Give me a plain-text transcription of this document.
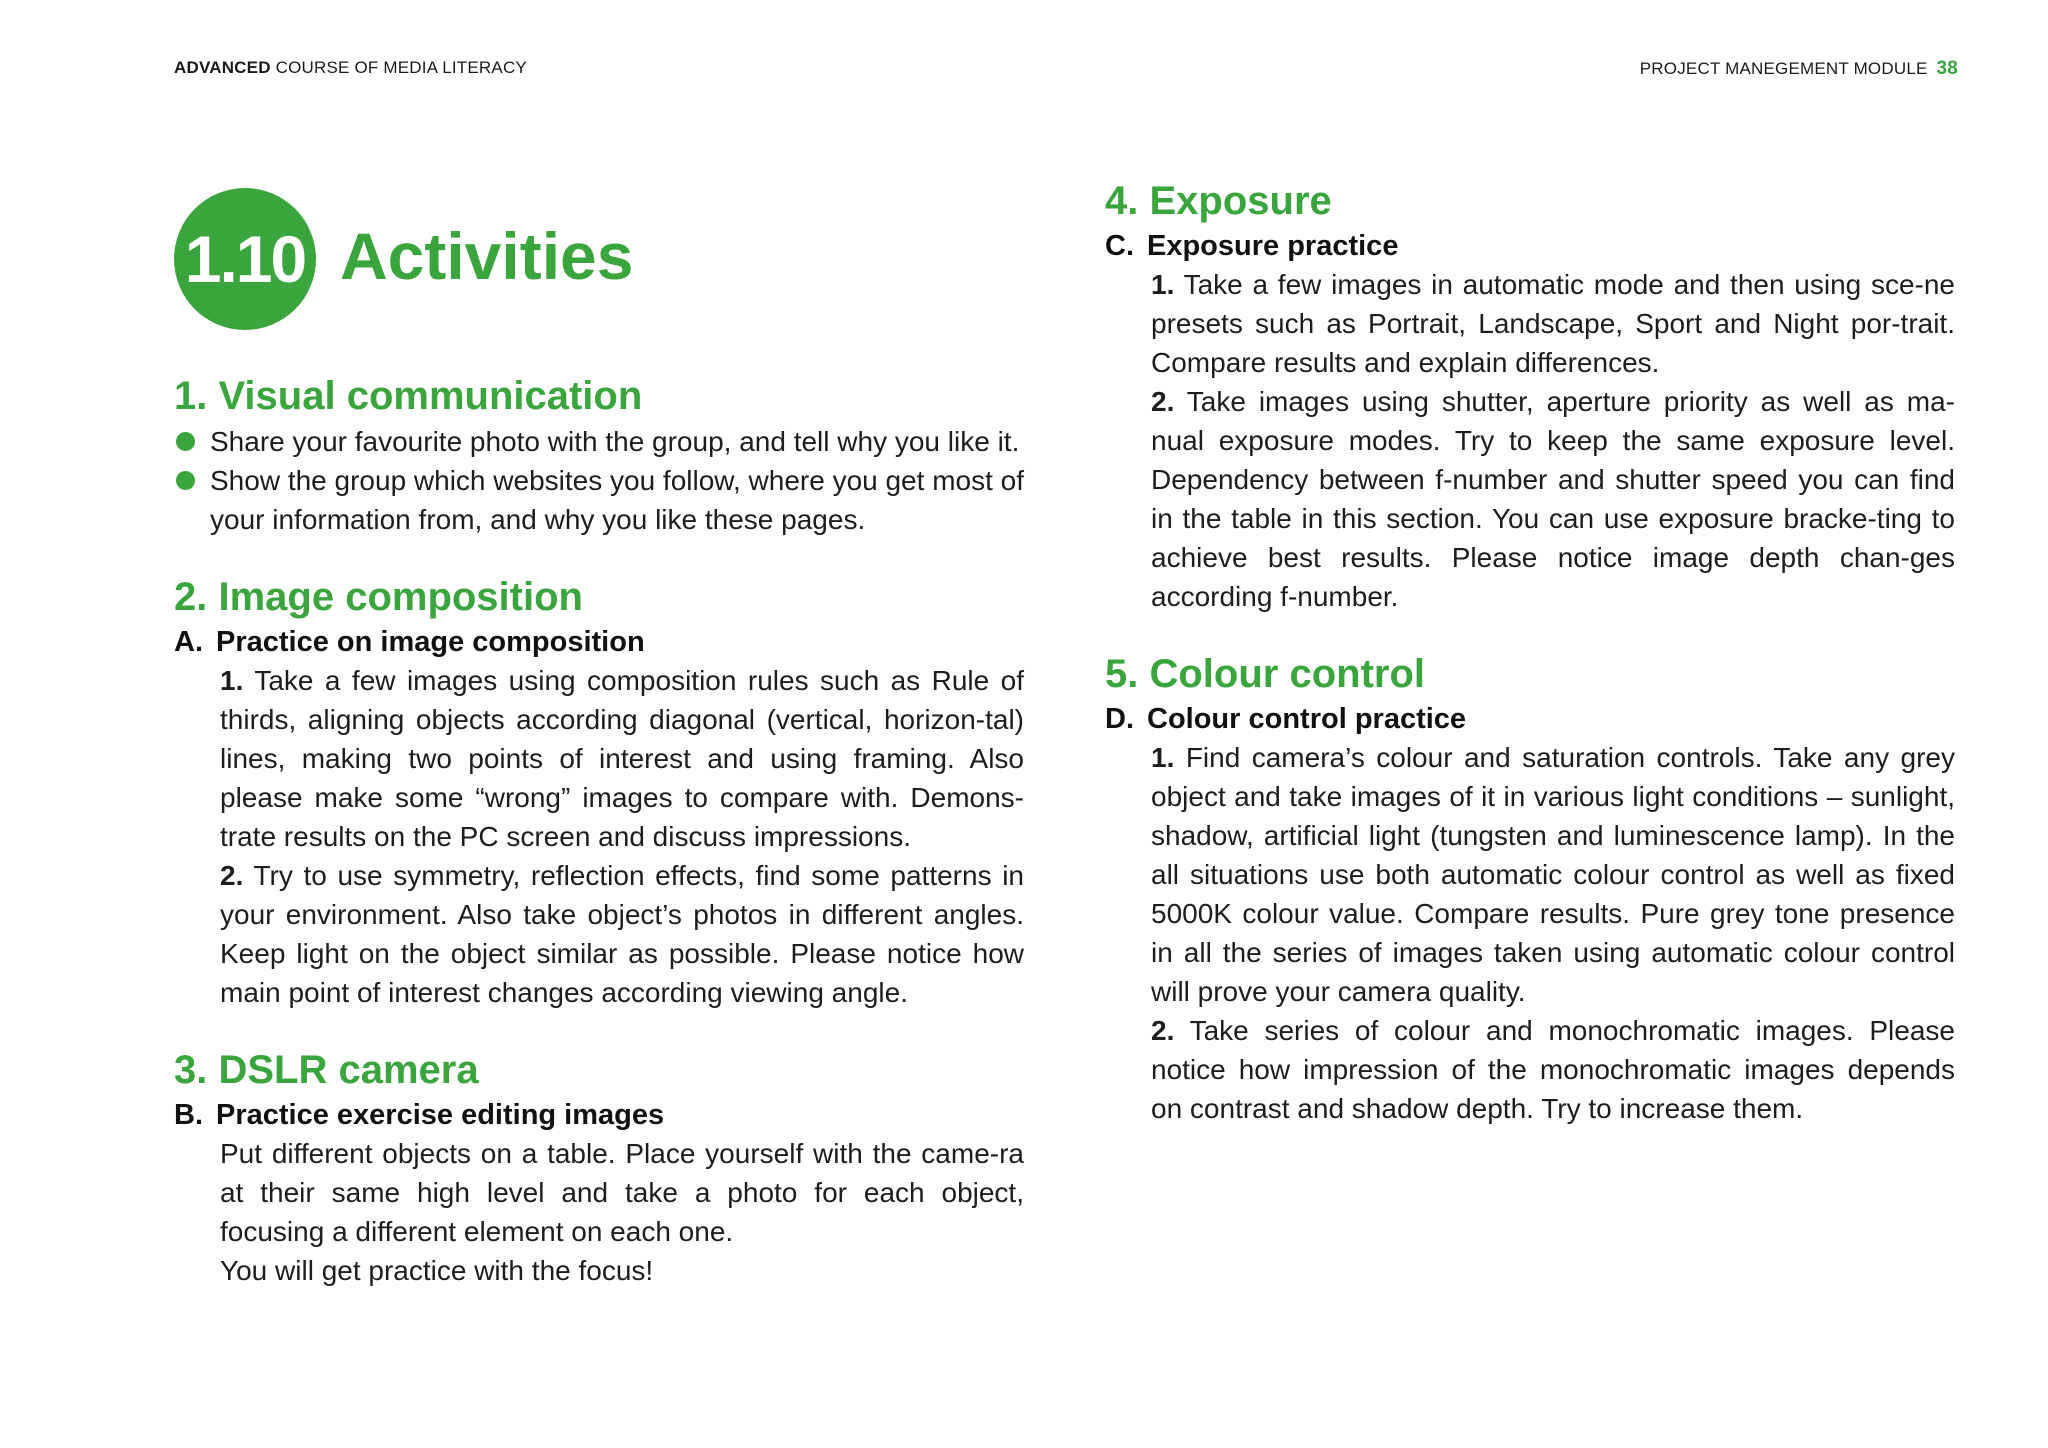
ADVANCED COURSE OF MEDIA LITERACY	PROJECT MANEGEMENT MODULE 38
1.10 Activities
1. Visual communication
Share your favourite photo with the group, and tell why you like it.
Show the group which websites you follow, where you get most of your information from, and why you like these pages.
2. Image composition

A. Practice on image composition

1. Take a few images using composition rules such as Rule of thirds, aligning objects according diagonal (vertical, horizon-tal) lines, making two points of interest and using framing. Also please make some “wrong” images to compare with. Demons-trate results on the PC screen and discuss impressions.

2. Try to use symmetry, reflection effects, find some patterns in your environment. Also take object’s photos in different angles. Keep light on the object similar as possible. Please notice how main point of interest changes according viewing angle.

3. DSLR camera

B. Practice exercise editing images

Put different objects on a table. Place yourself with the came-ra at their same high level and take a photo for each object, focusing a different element on each one.

You will get practice with the focus!

4. Exposure

C. Exposure practice

1. Take a few images in automatic mode and then using sce-ne presets such as Portrait, Landscape, Sport and Night por-trait. Compare results and explain differences.

2. Take images using shutter, aperture priority as well as ma-nual exposure modes. Try to keep the same exposure level. Dependency between f-number and shutter speed you can find in the table in this section. You can use exposure bracke-ting to achieve best results. Please notice image depth chan-ges according f-number.

5. Colour control

D. Colour control practice

1. Find camera’s colour and saturation controls. Take any grey object and take images of it in various light conditions – sunlight, shadow, artificial light (tungsten and luminescence lamp). In the all situations use both automatic colour control as well as fixed 5000K colour value. Compare results. Pure grey tone presence in all the series of images taken using automatic colour control will prove your camera quality.

2. Take series of colour and monochromatic images. Please notice how impression of the monochromatic images depends on contrast and shadow depth. Try to increase them.
